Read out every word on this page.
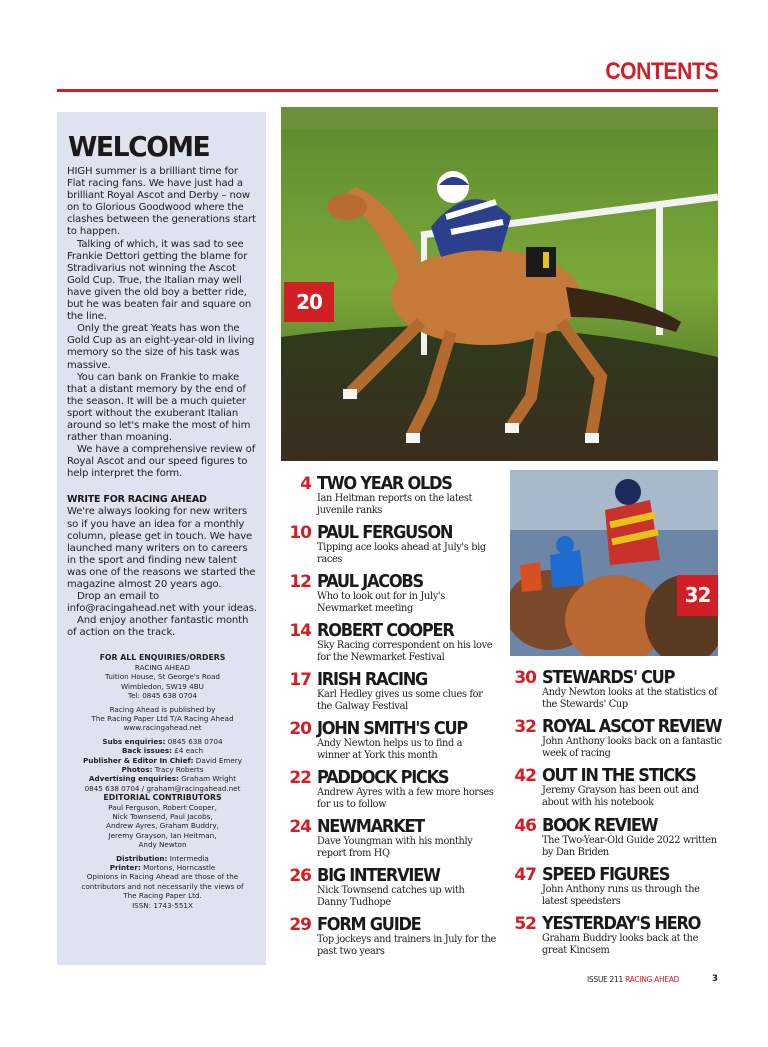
CONTENTS
WELCOME

HIGH summer is a brilliant time for Flat racing fans. We have just had a brilliant Royal Ascot and Derby – now on to Glorious Goodwood where the clashes between the generations start to happen.

Talking of which, it was sad to see Frankie Dettori getting the blame for Stradivarius not winning the Ascot Gold Cup. True, the Italian may well have given the old boy a better ride, but he was beaten fair and square on the line.

Only the great Yeats has won the Gold Cup as an eight-year-old in living memory so the size of his task was massive.

You can bank on Frankie to make that a distant memory by the end of the season. It will be a much quieter sport without the exuberant Italian around so let's make the most of him rather than moaning.

We have a comprehensive review of Royal Ascot and our speed figures to help interpret the form.

WRITE FOR RACING AHEAD

We're always looking for new writers so if you have an idea for a monthly column, please get in touch. We have launched many writers on to careers in the sport and finding new talent was one of the reasons we started the magazine almost 20 years ago.

Drop an email to info@racingahead.net with your ideas.

And enjoy another fantastic month of action on the track.

FOR ALL ENQUIRIES/ORDERS
RACING AHEAD
Tuition House, St George's Road
Wimbledon, SW19 4BU
Tel: 0845 638 0704
Racing Ahead is published by
The Racing Paper Ltd T/A Racing Ahead
www.racingahead.net
Subs enquiries: 0845 638 0704
Back issues: £4 each
Publisher & Editor In Chief: David Emery
Photos: Tracy Roberts
Advertising enquiries: Graham Wright
0845 638 0704 / graham@racingahead.net
EDITORIAL CONTRIBUTORS
Paul Ferguson, Robert Cooper,
Nick Townsend, Paul Jacobs,
Andrew Ayres, Graham Buddry,
Jeremy Grayson, Ian Heitman,
Andy Newton
Distribution: Intermedia
Printer: Mortons, Horncastle
Opinions in Racing Ahead are those of the
contributors and not necessarily the views of
The Racing Paper Ltd.
ISSN: 1743-551X
20
32
4 TWO YEAR OLDS
Ian Heitman reports on the latest juvenile ranks
10 PAUL FERGUSON
Tipping ace looks ahead at July's big races
12 PAUL JACOBS
Who to look out for in July's Newmarket meeting
14 ROBERT COOPER
Sky Racing correspondent on his love for the Newmarket Festival
17 IRISH RACING
Karl Hedley gives us some clues for the Galway Festival
20 JOHN SMITH'S CUP
Andy Newton helps us to find a winner at York this month
22 PADDOCK PICKS
Andrew Ayres with a few more horses for us to follow
24 NEWMARKET
Dave Youngman with his monthly report from HQ
26 BIG INTERVIEW
Nick Townsend catches up with Danny Tudhope
29 FORM GUIDE
Top jockeys and trainers in July for the past two years
30 STEWARDS' CUP
Andy Newton looks at the statistics of the Stewards' Cup
32 ROYAL ASCOT REVIEW
John Anthony looks back on a fantastic week of racing
42 OUT IN THE STICKS
Jeremy Grayson has been out and about with his notebook
46 BOOK REVIEW
The Two-Year-Old Guide 2022 written by Dan Briden
47 SPEED FIGURES
John Anthony runs us through the latest speedsters
52 YESTERDAY'S HERO
Graham Buddry looks back at the great Kincsem
ISSUE 211 RACING AHEAD	3
